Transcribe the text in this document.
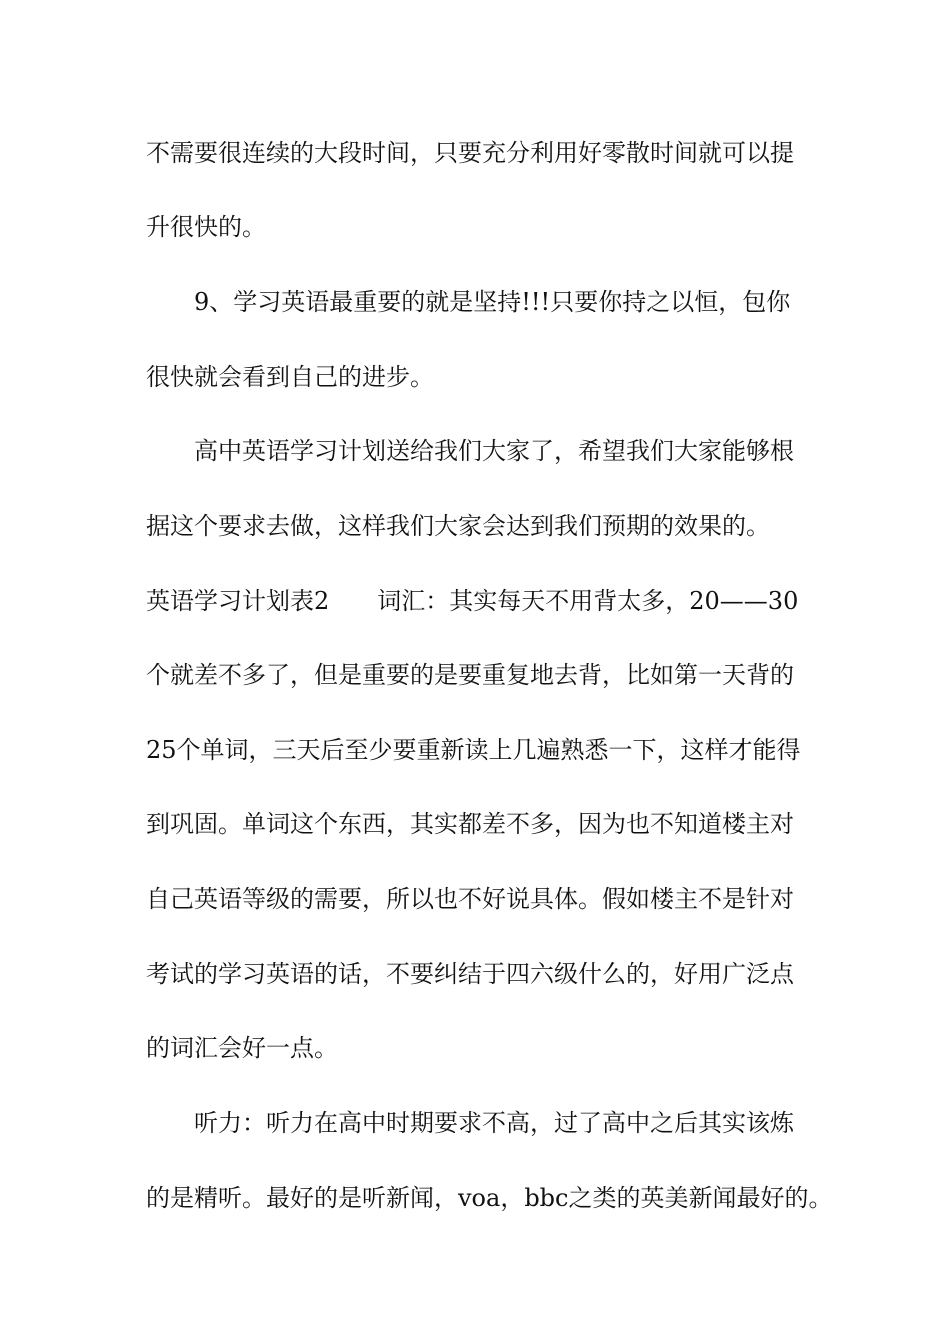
不需要很连续的大段时间，只要充分利用好零散时间就可以提
升很快的。
9、学习英语最重要的就是坚持!!!只要你持之以恒，包你
很快就会看到自己的进步。
高中英语学习计划送给我们大家了，希望我们大家能够根
据这个要求去做，这样我们大家会达到我们预期的效果的。
英语学习计划表2　　词汇：其实每天不用背太多，20——30
个就差不多了，但是重要的是要重复地去背，比如第一天背的
25个单词，三天后至少要重新读上几遍熟悉一下，这样才能得
到巩固。单词这个东西，其实都差不多，因为也不知道楼主对
自己英语等级的需要，所以也不好说具体。假如楼主不是针对
考试的学习英语的话，不要纠结于四六级什么的，好用广泛点
的词汇会好一点。
听力：听力在高中时期要求不高，过了高中之后其实该炼
的是精听。最好的是听新闻，voa，bbc之类的英美新闻最好的。
